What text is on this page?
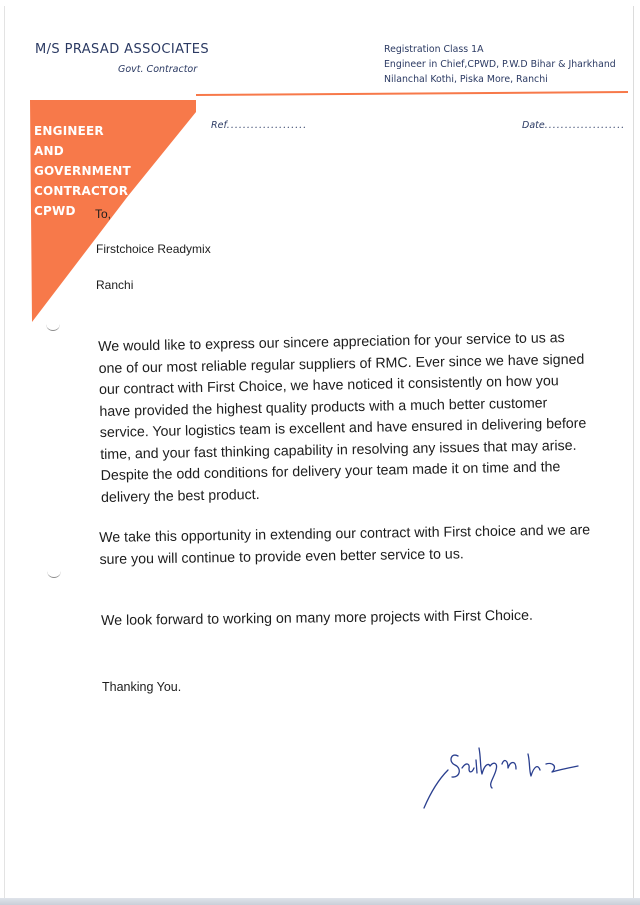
M/S PRASAD ASSOCIATES
Govt. Contractor
Registration Class 1A
Engineer in Chief,CPWD, P.W.D Bihar & Jharkhand
Nilanchal Kothi, Piska More, Ranchi
ENGINEER
AND
GOVERNMENT
CONTRACTOR
CPWD
Ref....................	Date....................
To,
Firstchoice Readymix
Ranchi

We would like to express our sincere appreciation for your service to us as one of our most reliable regular suppliers of RMC. Ever since we have signed our contract with First Choice, we have noticed it consistently on how you have provided the highest quality products with a much better customer service. Your logistics team is excellent and have ensured in delivering before time, and your fast thinking capability in resolving any issues that may arise. Despite the odd conditions for delivery your team made it on time and the delivery the best product.

We take this opportunity in extending our contract with First choice and we are sure you will continue to provide even better service to us.

We look forward to working on many more projects with First Choice.

Thanking You.
